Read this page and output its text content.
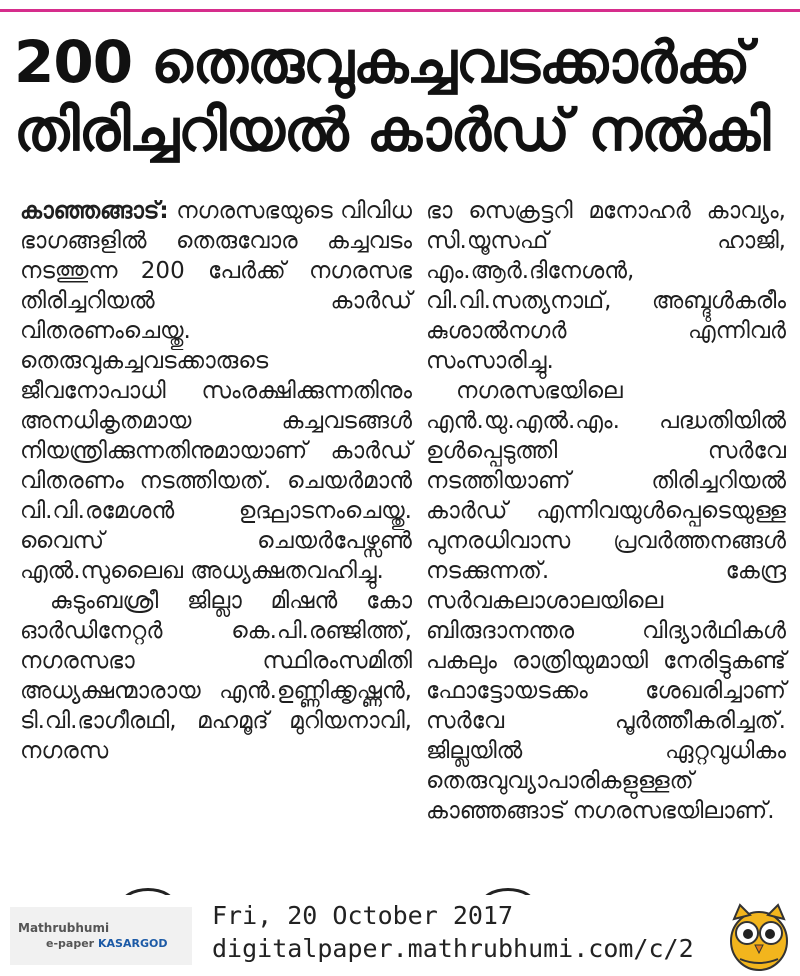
200 തെരുവുകച്ചവടക്കാർക്ക്
തിരിച്ചറിയൽ കാർഡ് നൽകി

കാഞ്ഞങ്ങാട്: നഗരസഭയുടെ വിവിധ ഭാഗങ്ങളിൽ തെരുവോര കച്ചവടം നടത്തുന്ന 200 പേർക്ക് നഗരസഭ തിരിച്ചറിയൽ കാർഡ് വിതരണംചെയ്തു. തെരുവുകച്ചവടക്കാരുടെ ജീവനോപാധി സംരക്ഷിക്കുന്നതിനും അനധികൃതമായ കച്ചവടങ്ങൾ നിയന്ത്രിക്കുന്നതിനുമായാണ് കാർഡ് വിതരണം നടത്തിയത്. ചെയർമാൻ വി.വി.രമേശൻ ഉദ്ഘാടനംചെയ്തു. വൈസ് ചെയർപേഴ്സൺ എൽ.സുലൈഖ അധ്യക്ഷതവഹിച്ചു.

കുടുംബശ്രീ ജില്ലാ മിഷൻ കോ ഓർഡിനേറ്റർ കെ.പി.രഞ്ജിത്ത്, നഗരസഭാ സ്ഥിരംസമിതി അധ്യക്ഷന്മാരായ എൻ.ഉണ്ണിക്കൃഷ്ണൻ, ടി.വി.ഭാഗീരഥി, മഹമൂദ് മുറിയനാവി, നഗരസ

ഭാ സെക്രട്ടറി മനോഹർ കാവ്യം, സി.യൂസഫ് ഹാജി, എം.ആർ.ദിനേശൻ, വി.വി.സത്യനാഥ്, അബ്ദുൾകരീം കുശാൽനഗർ എന്നിവർ സംസാരിച്ചു.

നഗരസഭയിലെ എൻ.യു.എൽ.എം. പദ്ധതിയിൽ ഉൾപ്പെടുത്തി സർവേ നടത്തിയാണ് തിരിച്ചറിയൽ കാർഡ് എന്നിവയുൾപ്പെടെയുള്ള പുനരധിവാസ പ്രവർത്തനങ്ങൾ നടക്കുന്നത്. കേന്ദ്ര സർവകലാശാലയിലെ ബിരുദാനന്തര വിദ്യാർഥികൾ പകലും രാത്രിയുമായി നേരിട്ടുകണ്ട് ഫോട്ടോയടക്കം ശേഖരിച്ചാണ് സർവേ പൂർത്തീകരിച്ചത്. ജില്ലയിൽ ഏറ്റവുധികം തെരുവുവ്യാപാരികളുള്ളത് കാഞ്ഞങ്ങാട് നഗരസഭയിലാണ്.

Mathrubhumi
e-paper KASARGOD
Fri, 20 October 2017
digitalpaper.mathrubhumi.com/c/2
